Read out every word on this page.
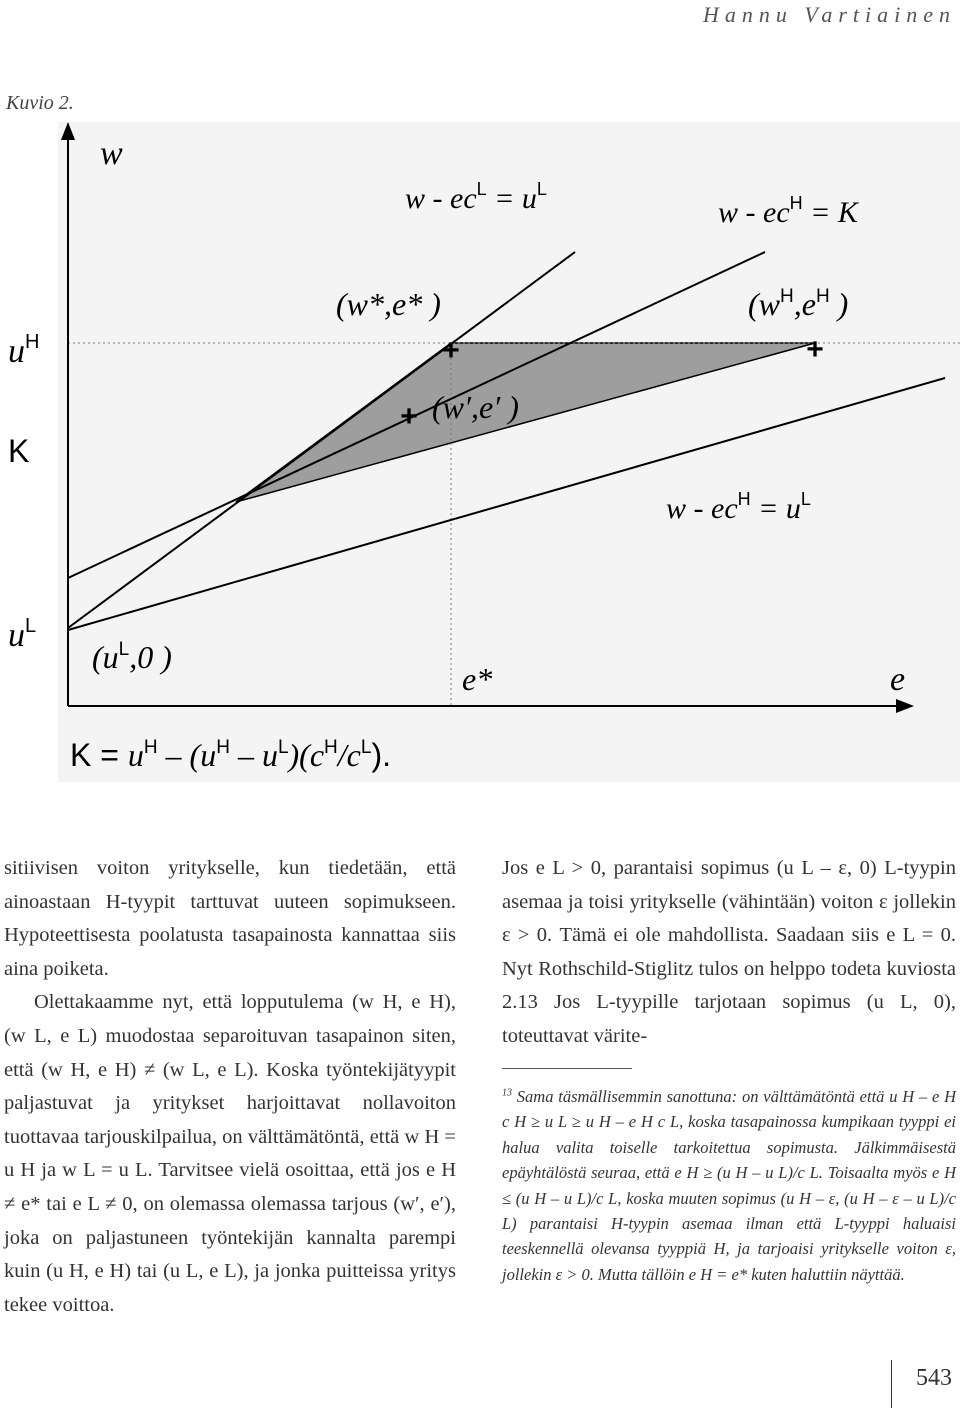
Hannu Vartiainen
Kuvio 2.
+	+
+
w
e
e*
$u^H$
K
$u^L$
$w - ec^L = u^L$
$w - ec^H = K$
$w - ec^H = u^L$
(w*,e* )	($w^H,e^H$ )
(w′,e′ )
($u^L,0$ )
$K = u^H - (u^H - u^L)(c^H/c^L)$.

sitiivisen voiton yritykselle, kun tiedetään, että ainoastaan H-tyypit tarttuvat uuteen sopimukseen. Hypoteettisesta poolatusta tasapainosta kannattaa siis aina poiketa.

Olettakaamme nyt, että lopputulema (w H, e H), (w L, e L) muodostaa separoituvan tasapainon siten, että (w H, e H) ≠ (w L, e L). Koska työntekijätyypit paljastuvat ja yritykset harjoittavat nollavoiton tuottavaa tarjouskilpailua, on välttämätöntä, että w H = u H ja w L = u L. Tarvitsee vielä osoittaa, että jos e H ≠ e* tai e L ≠ 0, on olemassa olemassa tarjous (w′, e′), joka on paljastuneen työntekijän kannalta parempi kuin (u H, e H) tai (u L, e L), ja jonka puitteissa yritys tekee voittoa.

Jos e L > 0, parantaisi sopimus (u L – ε, 0) L-tyypin asemaa ja toisi yritykselle (vähintään) voiton ε jollekin ε > 0. Tämä ei ole mahdollista. Saadaan siis e L = 0. Nyt Rothschild-Stiglitz tulos on helppo todeta kuviosta 2.13 Jos L-tyypille tarjotaan sopimus (u L, 0), toteuttavat värite-

$^{13}$ Sama täsmällisemmin sanottuna: on välttämätöntä että u H – e H c H ≥ u L ≥ u H – e H c L, koska tasapainossa kumpikaan tyyppi ei halua valita toiselle tarkoitettua sopimusta. Jälkimmäisestä epäyhtälöstä seuraa, että e H ≥ (u H – u L)/c L. Toisaalta myös e H ≤ (u H – u L)/c L, koska muuten sopimus (u H – ε, (u H – ε – u L)/c L) parantaisi H-tyypin asemaa ilman että L-tyyppi haluaisi teeskennellä olevansa tyyppiä H, ja tarjoaisi yritykselle voiton ε, jollekin ε > 0. Mutta tällöin e H = e* kuten haluttiin näyttää.
543
